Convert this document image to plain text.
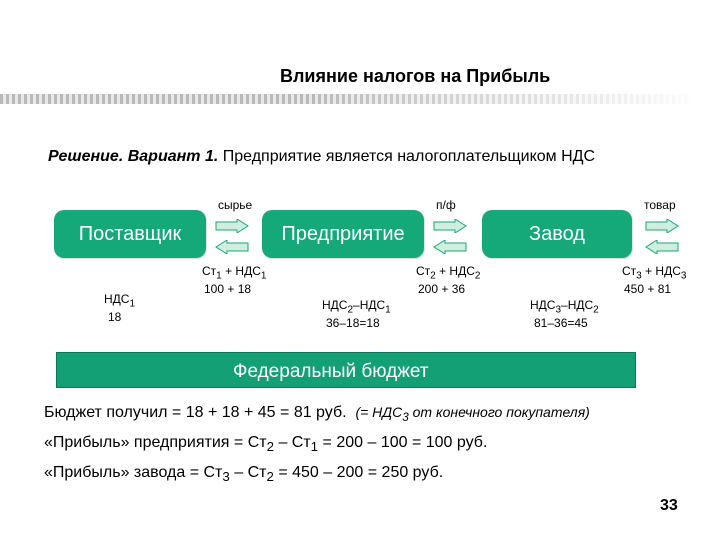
Влияние налогов на Прибыль
Решение. Вариант 1. Предприятие является налогоплательщиком НДС
сырье	п/ф	товар
Поставщик	Предприятие	Завод
$НДС_1$
18
$Ст_1 + НДС_1$
100 + 18
$Ст_2 + НДС_2$
200 + 36
$Ст_3 + НДС_3$
450 + 81
$НДС_2-НДС_1$
36–18=18
$НДС_3-НДС_2$
81–36=45
Федеральный бюджет
Бюджет получил = 18 + 18 + 45 = 81 руб. (= $НДС_3$ от конечного покупателя)
«Прибыль» предприятия = $Ст_2 - Ст_1 = 200 - 100 = 100$ руб.
«Прибыль» завода = $Ст_3 - Ст_2 = 450 - 200 = 250$ руб.
33
